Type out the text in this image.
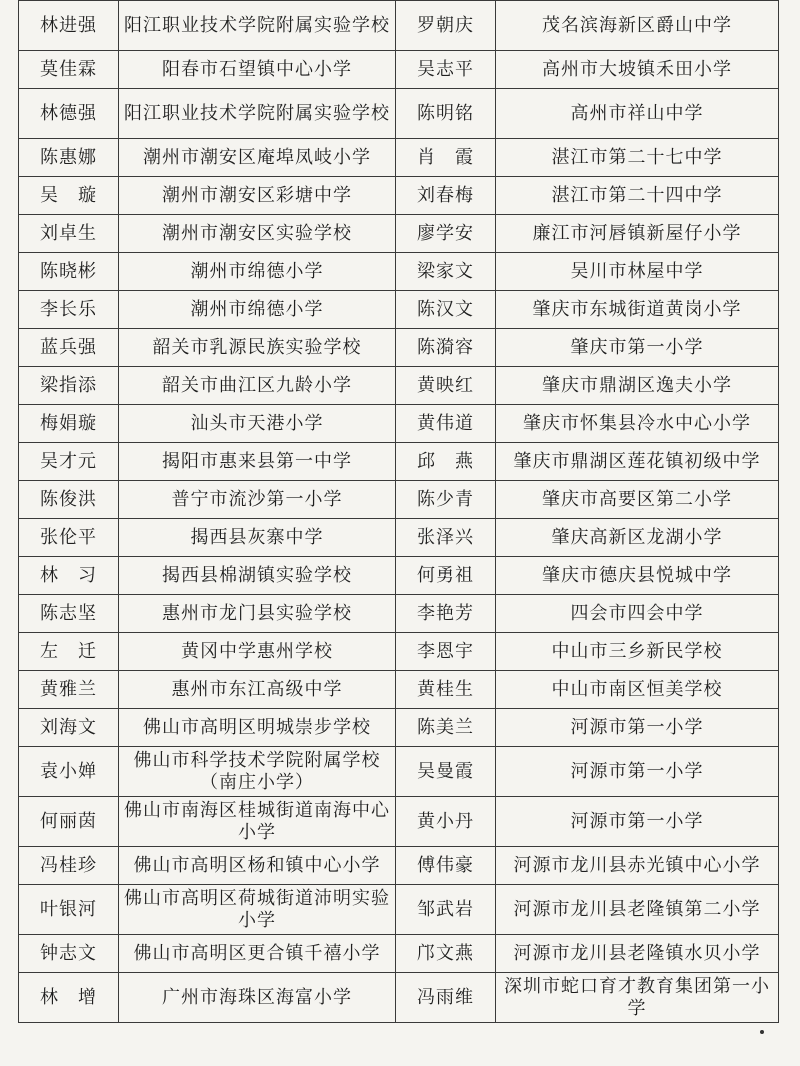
林进强	阳江职业技术学院附属实验学校	罗朝庆	茂名滨海新区爵山中学
莫佳霖	阳春市石望镇中心小学	吴志平	高州市大坡镇禾田小学
林德强	阳江职业技术学院附属实验学校	陈明铭	高州市祥山中学
陈惠娜	潮州市潮安区庵埠凤岐小学	肖　霞	湛江市第二十七中学
吴　璇	潮州市潮安区彩塘中学	刘春梅	湛江市第二十四中学
刘卓生	潮州市潮安区实验学校	廖学安	廉江市河唇镇新屋仔小学
陈晓彬	潮州市绵德小学	梁家文	吴川市林屋中学
李长乐	潮州市绵德小学	陈汉文	肇庆市东城街道黄岗小学
蓝兵强	韶关市乳源民族实验学校	陈漪容	肇庆市第一小学
梁指添	韶关市曲江区九龄小学	黄映红	肇庆市鼎湖区逸夫小学
梅娟璇	汕头市天港小学	黄伟道	肇庆市怀集县冷水中心小学
吴才元	揭阳市惠来县第一中学	邱　燕	肇庆市鼎湖区莲花镇初级中学
陈俊洪	普宁市流沙第一小学	陈少青	肇庆市高要区第二小学
张伦平	揭西县灰寨中学	张泽兴	肇庆高新区龙湖小学
林　习	揭西县棉湖镇实验学校	何勇祖	肇庆市德庆县悦城中学
陈志坚	惠州市龙门县实验学校	李艳芳	四会市四会中学
左　迁	黄冈中学惠州学校	李恩宇	中山市三乡新民学校
黄雅兰	惠州市东江高级中学	黄桂生	中山市南区恒美学校
刘海文	佛山市高明区明城崇步学校	陈美兰	河源市第一小学
袁小婵	佛山市科学技术学院附属学校（南庄小学）	吴曼霞	河源市第一小学
何丽茵	佛山市南海区桂城街道南海中心小学	黄小丹	河源市第一小学
冯桂珍	佛山市高明区杨和镇中心小学	傅伟豪	河源市龙川县赤光镇中心小学
叶银河	佛山市高明区荷城街道沛明实验小学	邹武岩	河源市龙川县老隆镇第二小学
钟志文	佛山市高明区更合镇千禧小学	邝文燕	河源市龙川县老隆镇水贝小学
林　增	广州市海珠区海富小学	冯雨维	深圳市蛇口育才教育集团第一小学
